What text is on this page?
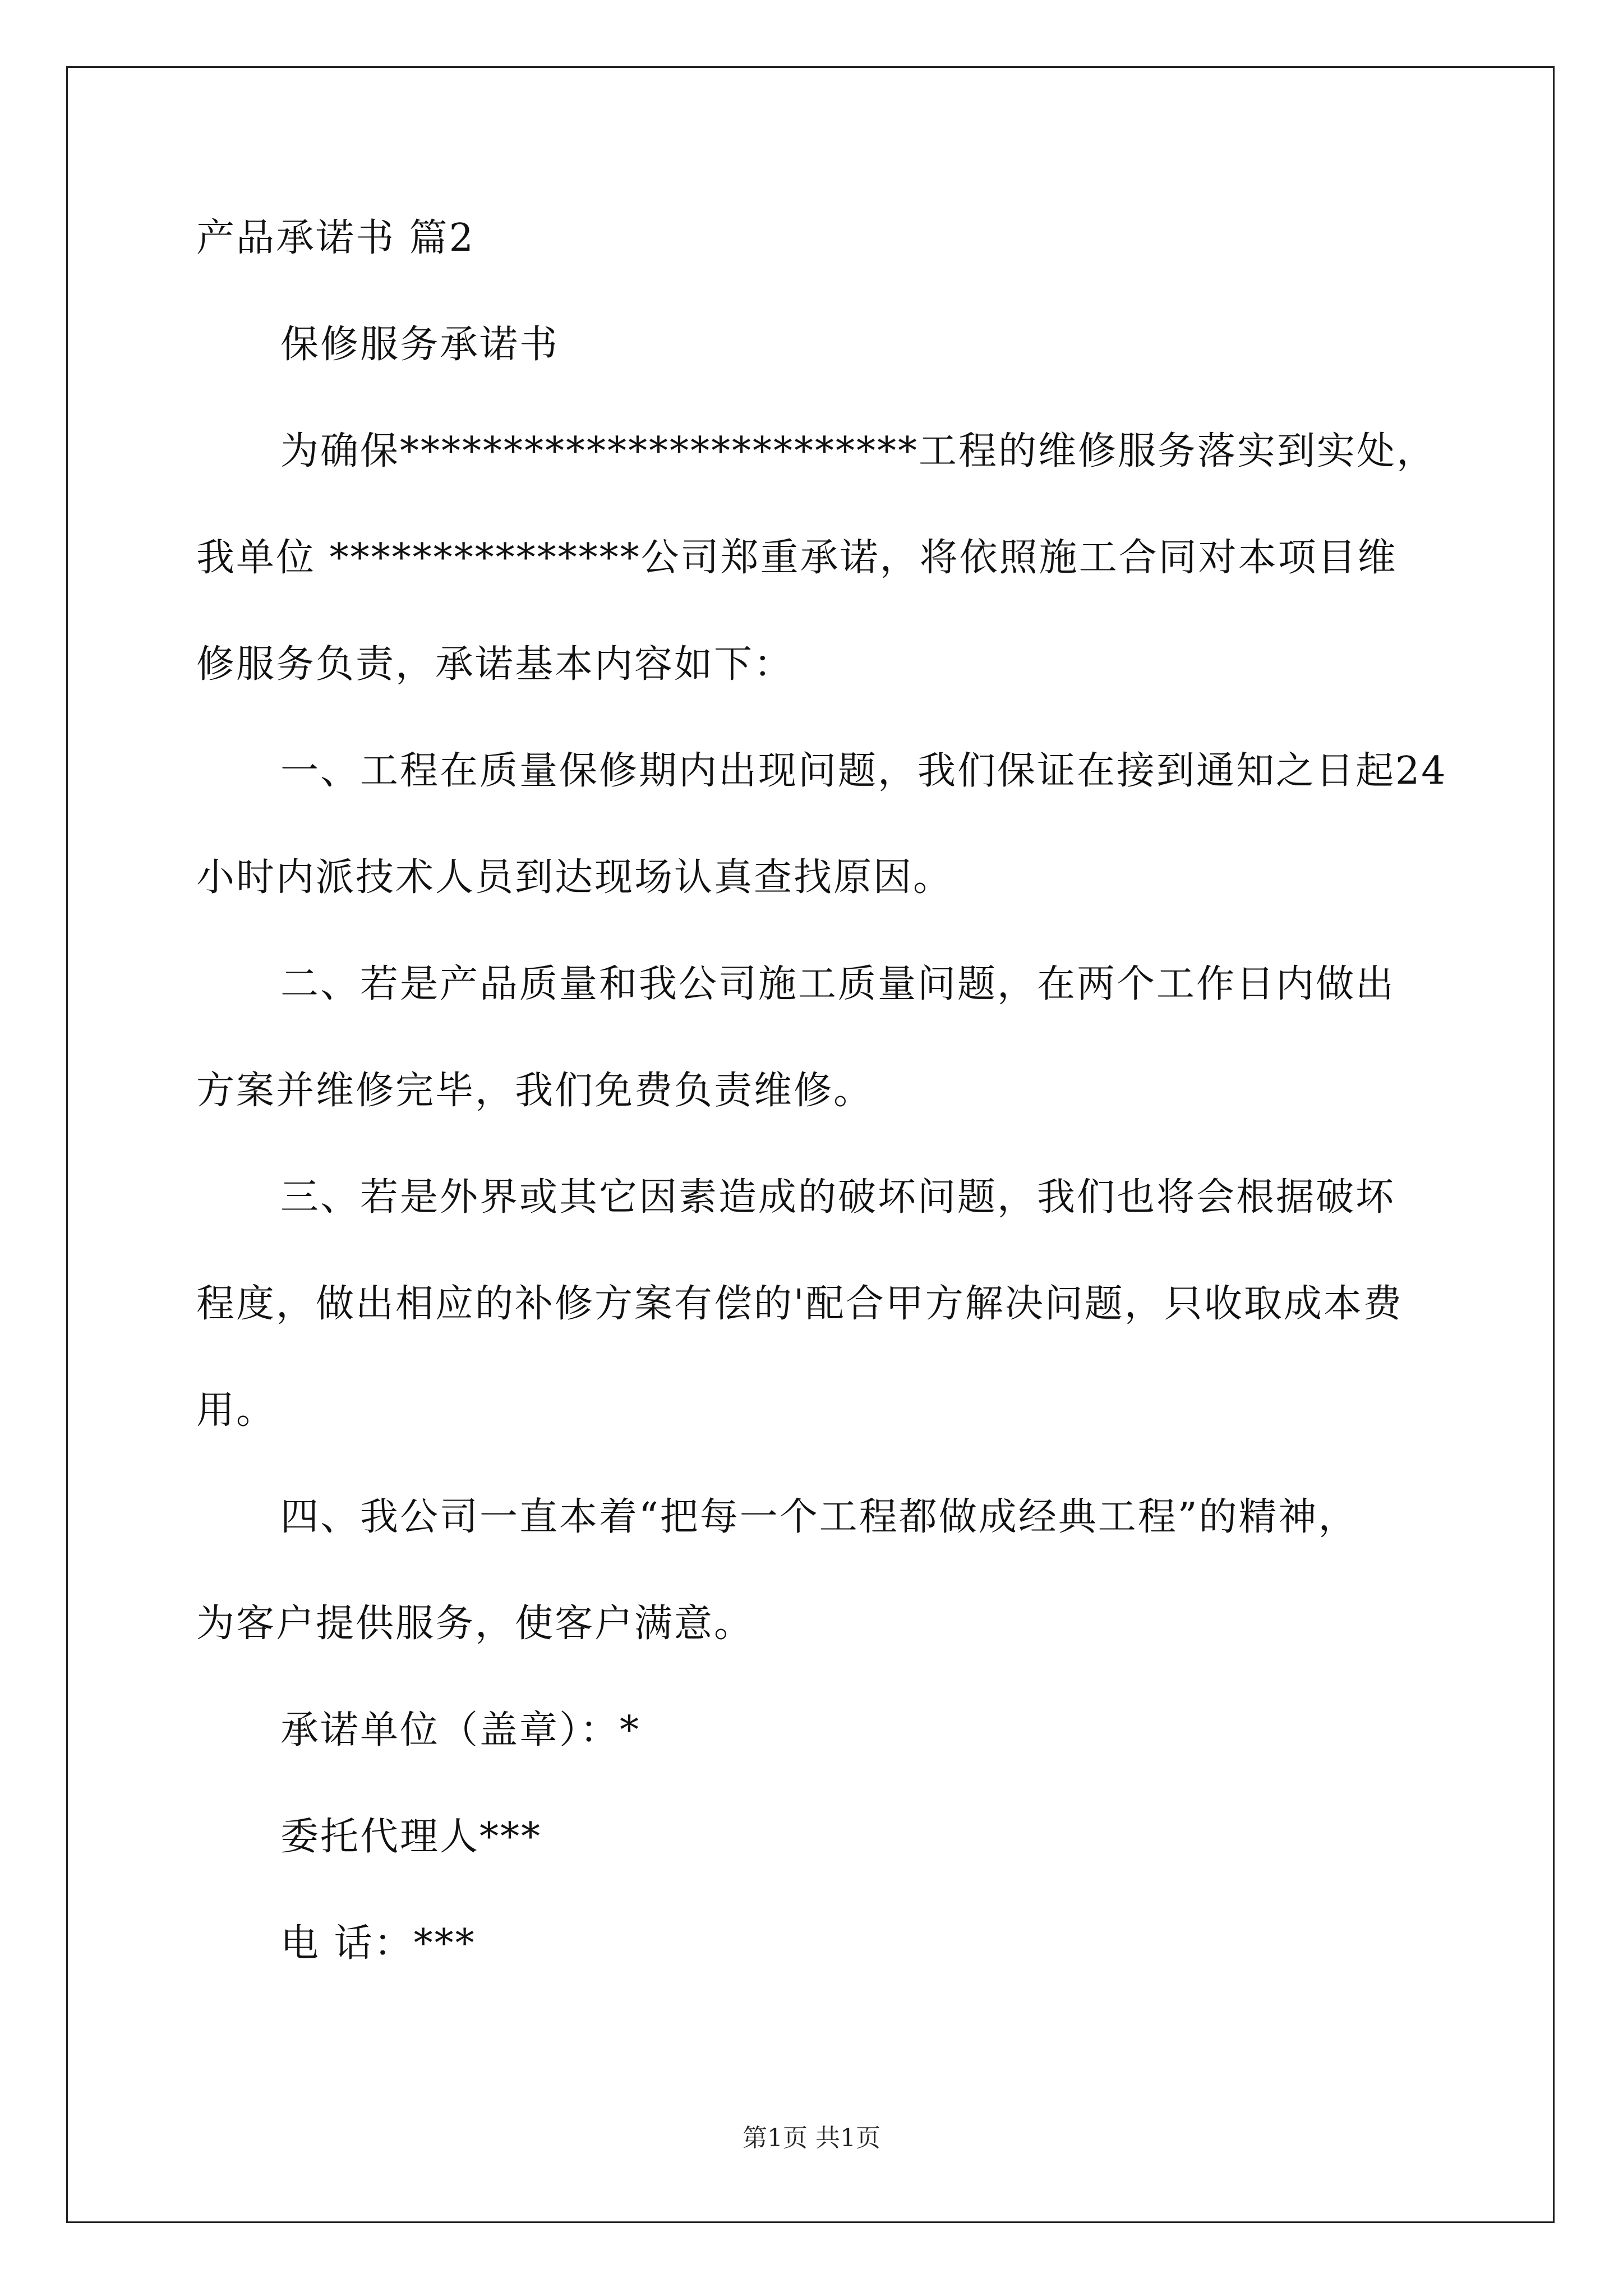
产品承诺书 篇2
保修服务承诺书
为确保*************************工程的维修服务落实到实处，
我单位 ***************公司郑重承诺，将依照施工合同对本项目维
修服务负责，承诺基本内容如下：
一、工程在质量保修期内出现问题，我们保证在接到通知之日起24
小时内派技术人员到达现场认真查找原因。
二、若是产品质量和我公司施工质量问题，在两个工作日内做出
方案并维修完毕，我们免费负责维修。
三、若是外界或其它因素造成的破坏问题，我们也将会根据破坏
程度，做出相应的补修方案有偿的'配合甲方解决问题，只收取成本费
用。
四、我公司一直本着“把每一个工程都做成经典工程”的精神，
为客户提供服务，使客户满意。
承诺单位（盖章）：*
委托代理人***
电 话：***
第1页 共1页
